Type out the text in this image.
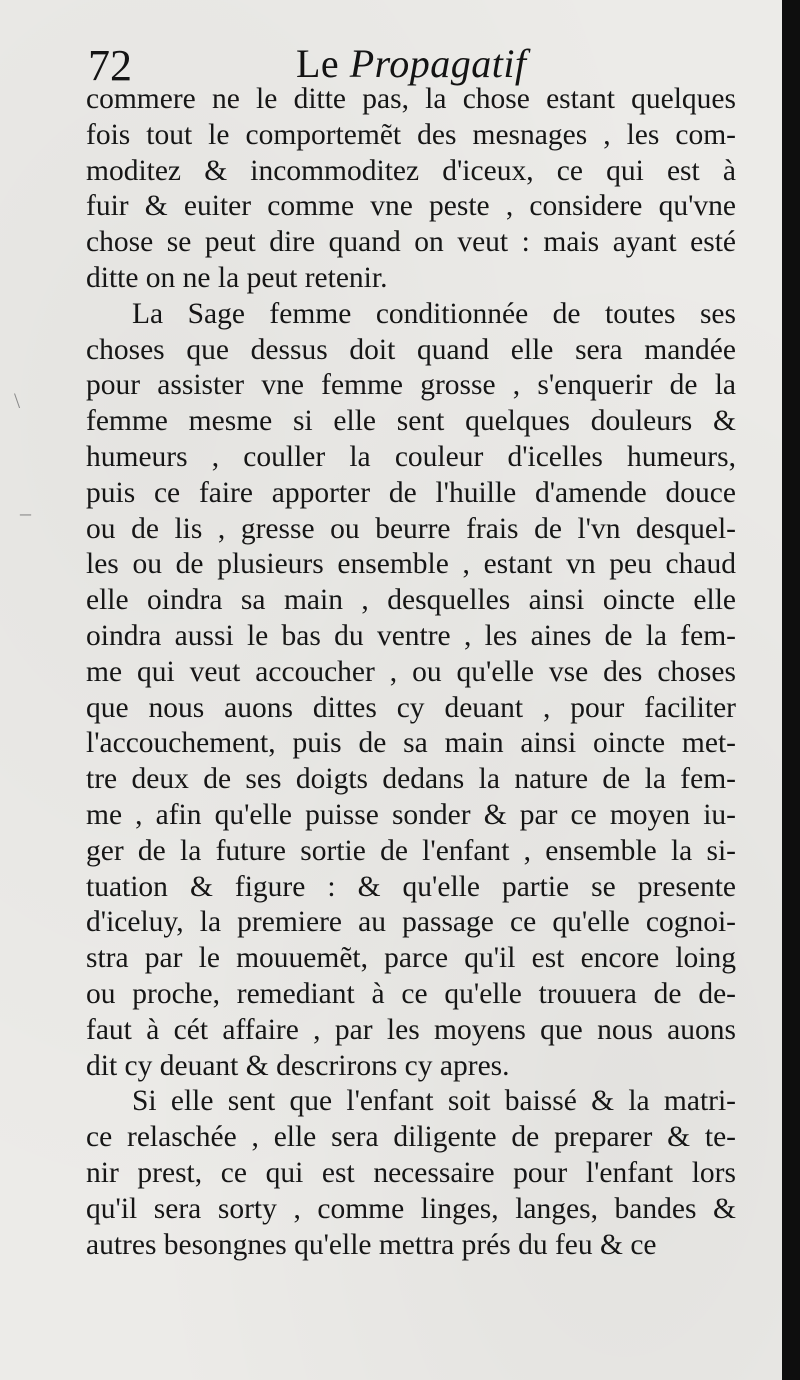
72	Le Propagatif
commere ne le ditte pas, la chose estant quelques
fois tout le comportemẽt des mesnages , les com-
moditez & incommoditez d'iceux, ce qui est à
fuir & euiter comme vne peste , considere qu'vne
chose se peut dire quand on veut : mais ayant esté
ditte on ne la peut retenir.
La Sage femme conditionnée de toutes ses
choses que dessus doit quand elle sera mandée
pour assister vne femme grosse , s'enquerir de la
femme mesme si elle sent quelques douleurs &
humeurs , couller la couleur d'icelles humeurs,
puis ce faire apporter de l'huille d'amende douce
ou de lis , gresse ou beurre frais de l'vn desquel-
les ou de plusieurs ensemble , estant vn peu chaud
elle oindra sa main , desquelles ainsi oincte elle
oindra aussi le bas du ventre , les aines de la fem-
me qui veut accoucher , ou qu'elle vse des choses
que nous auons dittes cy deuant , pour faciliter
l'accouchement, puis de sa main ainsi oincte met-
tre deux de ses doigts dedans la nature de la fem-
me , afin qu'elle puisse sonder & par ce moyen iu-
ger de la future sortie de l'enfant , ensemble la si-
tuation & figure : & qu'elle partie se presente
d'iceluy, la premiere au passage ce qu'elle cognoi-
stra par le mouuemẽt, parce qu'il est encore loing
ou proche, remediant à ce qu'elle trouuera de de-
faut à cét affaire , par les moyens que nous auons
dit cy deuant & descrirons cy apres.
Si elle sent que l'enfant soit baissé & la matri-
ce relaschée , elle sera diligente de preparer & te-
nir prest, ce qui est necessaire pour l'enfant lors
qu'il sera sorty , comme linges, langes, bandes &
autres besongnes qu'elle mettra prés du feu & ce
\
–
